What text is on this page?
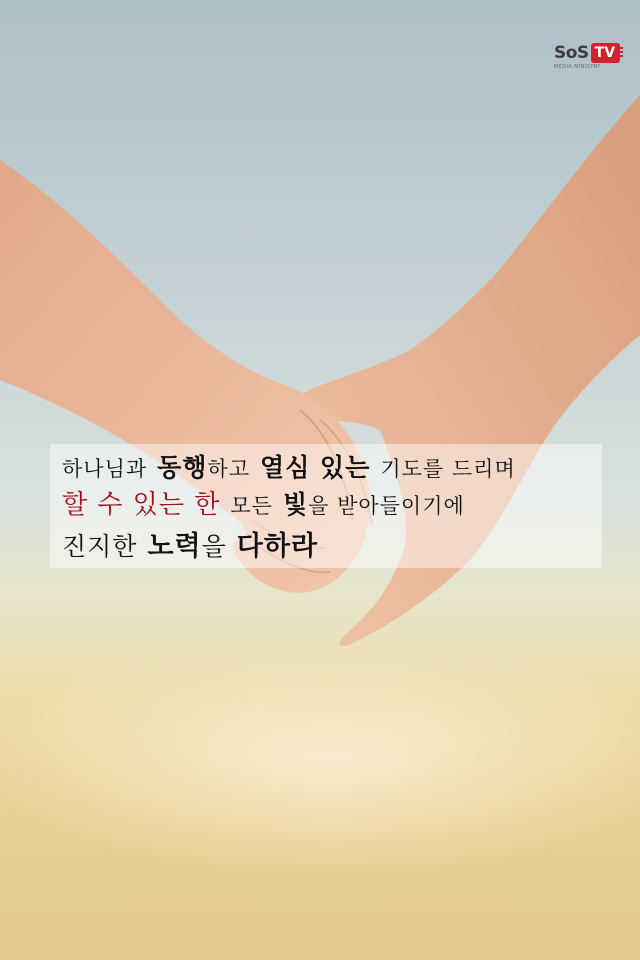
SoS TV
MEDIA MINISTRY
하나님과 동행하고 열심 있는 기도를 드리며
할 수 있는 한 모든 빛을 받아들이기에
진지한 노력을 다하라
